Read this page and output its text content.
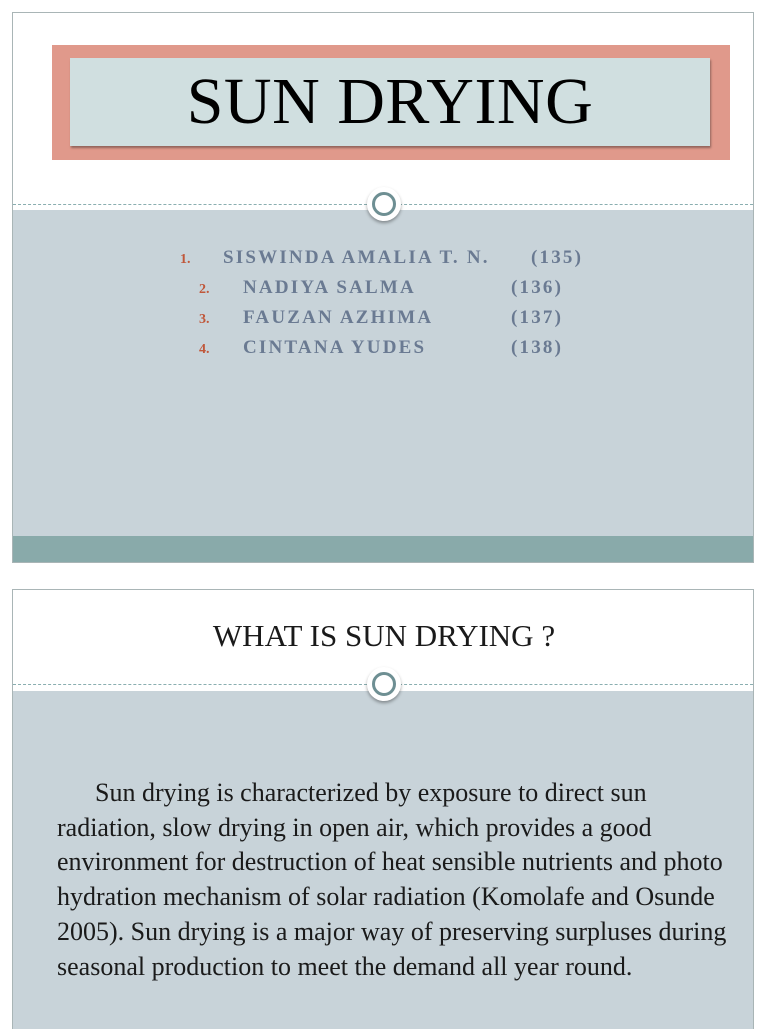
SUN DRYING
1. SISWINDA AMALIA T. N. (135)
2. NADIYA SALMA	(136)
3. FAUZAN AZHIMA	(137)
4. CINTANA YUDES	(138)
WHAT IS SUN DRYING ?
Sun drying is characterized by exposure to direct sun radiation, slow drying in open air, which provides a good environment for destruction of heat sensible nutrients and photo hydration mechanism of solar radiation (Komolafe and Osunde 2005). Sun drying is a major way of preserving surpluses during seasonal production to meet the demand all year round.
